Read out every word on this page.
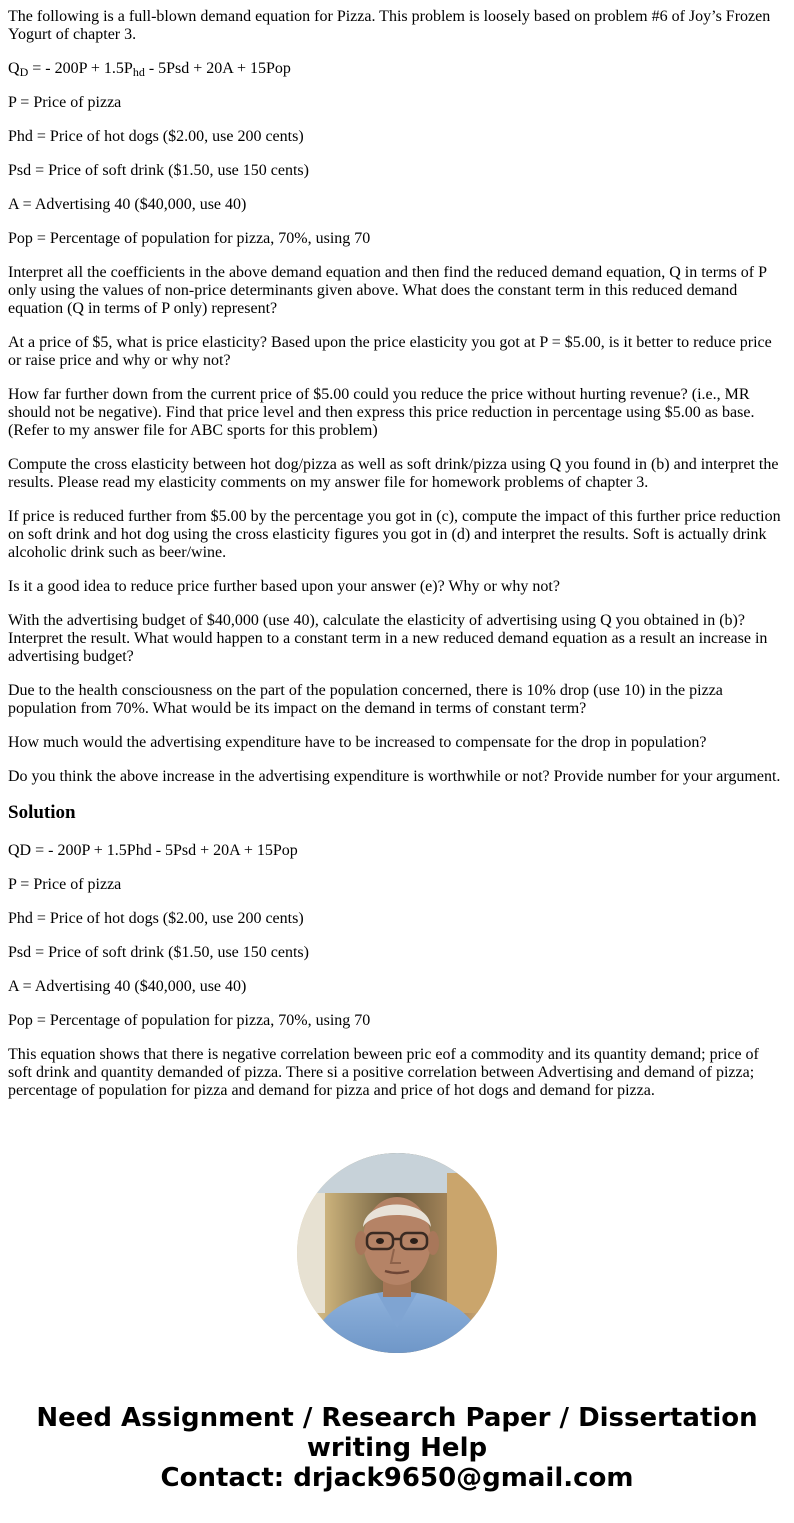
The following is a full-blown demand equation for Pizza. This problem is loosely based on problem #6 of Joy’s Frozen Yogurt of chapter 3.

$Q_D$ = - $200P + 1.5P_{hd} - 5Psd + 20A + 15Pop$

P = Price of pizza

Phd = Price of hot dogs ($2.00, use 200 cents)

Psd = Price of soft drink ($1.50, use 150 cents)

A = Advertising 40 ($40,000, use 40)

Pop = Percentage of population for pizza, 70%, using 70

Interpret all the coefficients in the above demand equation and then find the reduced demand equation, Q in terms of P only using the values of non-price determinants given above. What does the constant term in this reduced demand equation (Q in terms of P only) represent?

At a price of $5, what is price elasticity? Based upon the price elasticity you got at P = $5.00, is it better to reduce price or raise price and why or why not?

How far further down from the current price of $5.00 could you reduce the price without hurting revenue? (i.e., MR should not be negative). Find that price level and then express this price reduction in percentage using $5.00 as base. (Refer to my answer file for ABC sports for this problem)

Compute the cross elasticity between hot dog/pizza as well as soft drink/pizza using Q you found in (b) and interpret the results. Please read my elasticity comments on my answer file for homework problems of chapter 3.

If price is reduced further from $5.00 by the percentage you got in (c), compute the impact of this further price reduction on soft drink and hot dog using the cross elasticity figures you got in (d) and interpret the results. Soft is actually drink alcoholic drink such as beer/wine.

Is it a good idea to reduce price further based upon your answer (e)? Why or why not?

With the advertising budget of $40,000 (use 40), calculate the elasticity of advertising using Q you obtained in (b)? Interpret the result. What would happen to a constant term in a new reduced demand equation as a result an increase in advertising budget?

Due to the health consciousness on the part of the population concerned, there is 10% drop (use 10) in the pizza population from 70%. What would be its impact on the demand in terms of constant term?

How much would the advertising expenditure have to be increased to compensate for the drop in population?

Do you think the above increase in the advertising expenditure is worthwhile or not? Provide number for your argument.

Solution

QD = - 200P + 1.5Phd - 5Psd + 20A + 15Pop

P = Price of pizza

Phd = Price of hot dogs ($2.00, use 200 cents)

Psd = Price of soft drink ($1.50, use 150 cents)

A = Advertising 40 ($40,000, use 40)

Pop = Percentage of population for pizza, 70%, using 70

This equation shows that there is negative correlation beween pric eof a commodity and its quantity demand; price of soft drink and quantity demanded of pizza. There si a positive correlation between Advertising and demand of pizza; percentage of population for pizza and demand for pizza and price of hot dogs and demand for pizza.

Need Assignment / Research Paper / Dissertation writing Help
Contact: drjack9650@gmail.com
